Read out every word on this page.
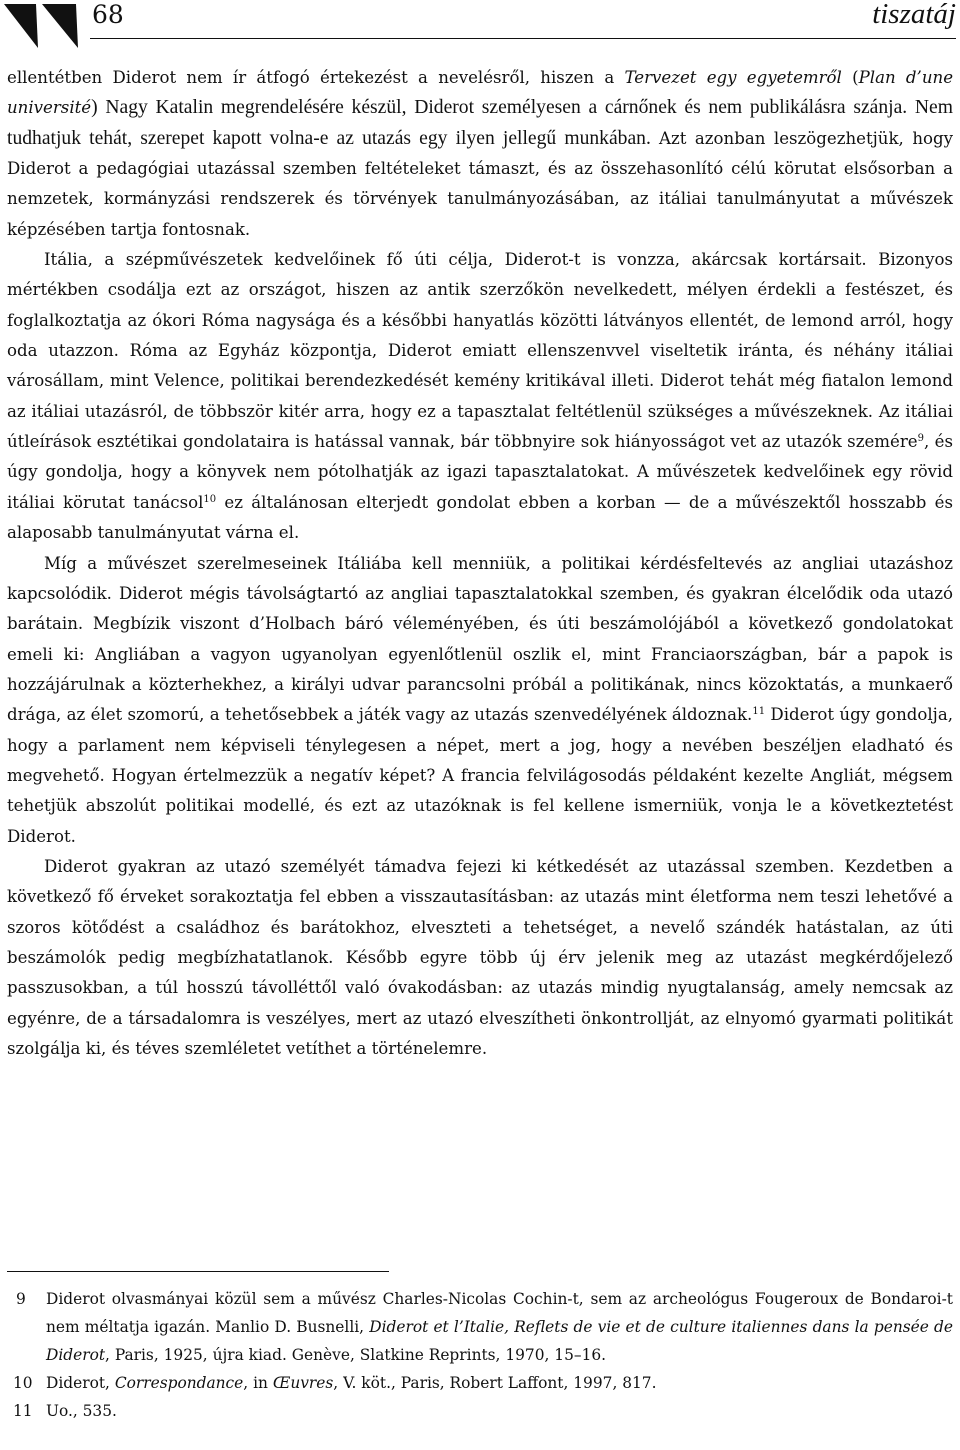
68	tiszatáj

ellentétben Diderot nem ír átfogó értekezést a nevelésről, hiszen a Tervezet egy egyetemről (Plan d’une université) Nagy Katalin megrendelésére készül, Diderot személyesen a cárnőnek és nem publikálásra szánja. Nem tudhatjuk tehát, szerepet kapott volna-e az utazás egy ilyen jellegű munkában. Azt azonban leszögezhetjük, hogy Diderot a pedagógiai utazással szemben feltételeket támaszt, és az összehasonlító célú körutat elsősorban a nemzetek, kormányzási rendszerek és törvények tanulmányozásában, az itáliai tanulmányutat a művészek képzésében tartja fontosnak.

Itália, a szépművészetek kedvelőinek fő úti célja, Diderot-t is vonzza, akárcsak kortársait. Bizonyos mértékben csodálja ezt az országot, hiszen az antik szerzőkön nevelkedett, mélyen érdekli a festészet, és foglalkoztatja az ókori Róma nagysága és a későbbi hanyatlás közötti látványos ellentét, de lemond arról, hogy oda utazzon. Róma az Egyház központja, Diderot emiatt ellenszenvvel viseltetik iránta, és néhány itáliai városállam, mint Velence, politikai berendezkedését kemény kritikával illeti. Diderot tehát még fiatalon lemond az itáliai utazásról, de többször kitér arra, hogy ez a tapasztalat feltétlenül szükséges a művészeknek. Az itáliai útleírások esztétikai gondolataira is hatással vannak, bár többnyire sok hiányosságot vet az utazók szemére$^9$, és úgy gondolja, hogy a könyvek nem pótolhatják az igazi tapasztalatokat. A művészetek kedvelőinek egy rövid itáliai körutat tanácsol$^{10}$ ez általánosan elterjedt gondolat ebben a korban — de a művészektől hosszabb és alaposabb tanulmányutat várna el.

Míg a művészet szerelmeseinek Itáliába kell menniük, a politikai kérdésfeltevés az angliai utazáshoz kapcsolódik. Diderot mégis távolságtartó az angliai tapasztalatokkal szemben, és gyakran élcelődik oda utazó barátain. Megbízik viszont d’Holbach báró véleményében, és úti beszámolójából a következő gondolatokat emeli ki: Angliában a vagyon ugyanolyan egyenlőtlenül oszlik el, mint Franciaországban, bár a papok is hozzájárulnak a közterhekhez, a királyi udvar parancsolni próbál a politikának, nincs közoktatás, a munkaerő drága, az élet szomorú, a tehetősebbek a játék vagy az utazás szenvedélyének áldoznak.$^{11}$ Diderot úgy gondolja, hogy a parlament nem képviseli ténylegesen a népet, mert a jog, hogy a nevében beszéljen eladható és megvehető. Hogyan értelmezzük a negatív képet? A francia felvilágosodás példaként kezelte Angliát, mégsem tehetjük abszolút politikai modellé, és ezt az utazóknak is fel kellene ismerniük, vonja le a következtetést Diderot.

Diderot gyakran az utazó személyét támadva fejezi ki kétkedését az utazással szemben. Kezdetben a következő fő érveket sorakoztatja fel ebben a visszautasításban: az utazás mint életforma nem teszi lehetővé a szoros kötődést a családhoz és barátokhoz, elveszteti a tehetséget, a nevelő szándék hatástalan, az úti beszámolók pedig megbízhatatlanok. Később egyre több új érv jelenik meg az utazást megkérdőjelező passzusokban, a túl hosszú távolléttől való óvakodásban: az utazás mindig nyugtalanság, amely nemcsak az egyénre, de a társadalomra is veszélyes, mert az utazó elveszítheti önkontrollját, az elnyomó gyarmati politikát szolgálja ki, és téves szemléletet vetíthet a történelemre.

9 Diderot olvasmányai közül sem a művész Charles-Nicolas Cochin-t, sem az archeológus Fougeroux de Bondaroi-t nem méltatja igazán. Manlio D. Busnelli, Diderot et l’Italie, Reflets de vie et de culture italiennes dans la pensée de Diderot, Paris, 1925, újra kiad. Genève, Slatkine Reprints, 1970, 15–16.
10 Diderot, Correspondance, in Œuvres, V. köt., Paris, Robert Laffont, 1997, 817.
11 Uo., 535.
